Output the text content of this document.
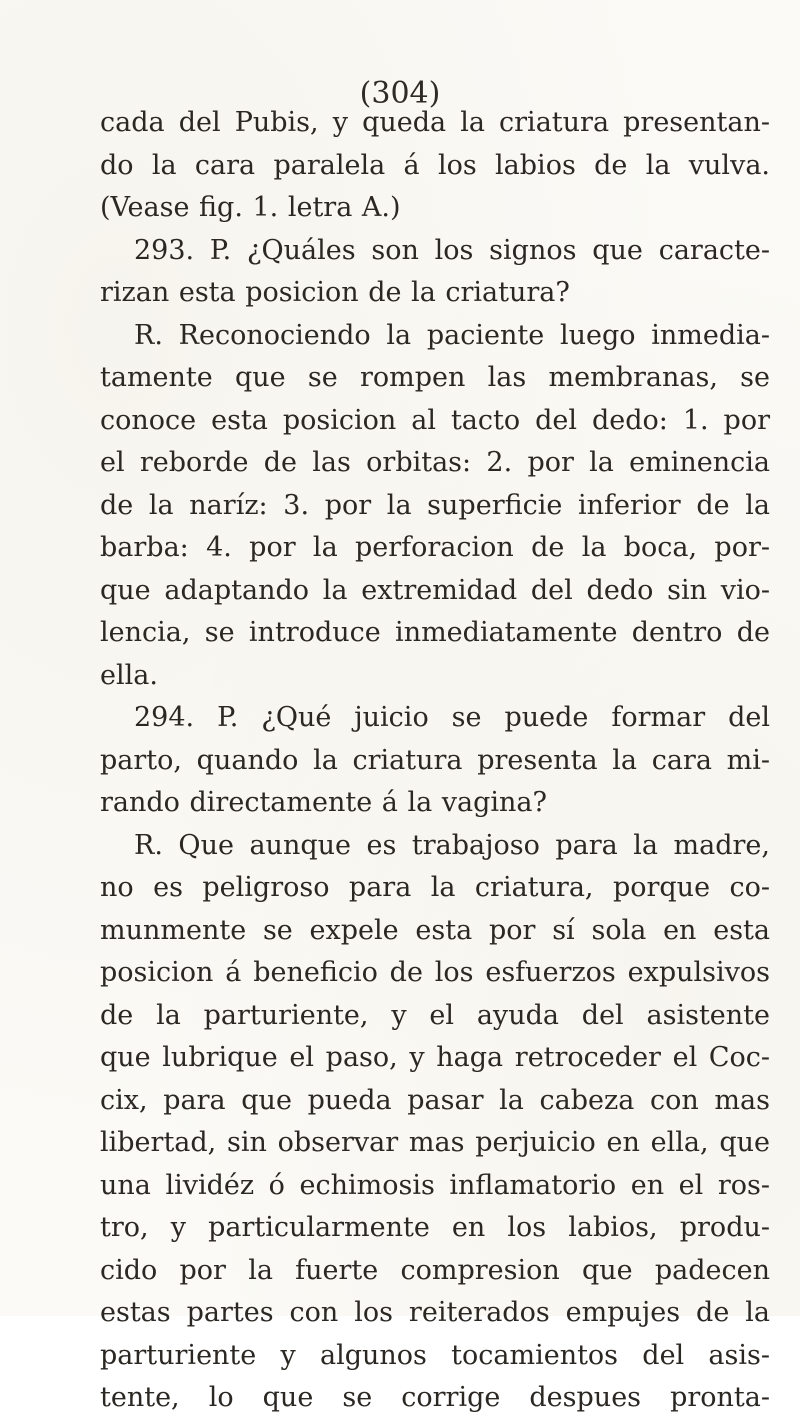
(304)
cada del Pubis, y queda la criatura presentan-
do la cara paralela á los labios de la vulva.
(Vease fig. 1. letra A.)
293. P. ¿Quáles son los signos que caracte-
rizan esta posicion de la criatura?
R. Reconociendo la paciente luego inmedia-
tamente que se rompen las membranas, se
conoce esta posicion al tacto del dedo: 1. por
el reborde de las orbitas: 2. por la eminencia
de la naríz: 3. por la superficie inferior de la
barba: 4. por la perforacion de la boca, por-
que adaptando la extremidad del dedo sin vio-
lencia, se introduce inmediatamente dentro de
ella.
294. P. ¿Qué juicio se puede formar del
parto, quando la criatura presenta la cara mi-
rando directamente á la vagina?
R. Que aunque es trabajoso para la madre,
no es peligroso para la criatura, porque co-
munmente se expele esta por sí sola en esta
posicion á beneficio de los esfuerzos expulsivos
de la parturiente, y el ayuda del asistente
que lubrique el paso, y haga retroceder el Coc-
cix, para que pueda pasar la cabeza con mas
libertad, sin observar mas perjuicio en ella, que
una lividéz ó echimosis inflamatorio en el ros-
tro, y particularmente en los labios, produ-
cido por la fuerte compresion que padecen
estas partes con los reiterados empujes de la
parturiente y algunos tocamientos del asis-
tente, lo que se corrige despues pronta-
